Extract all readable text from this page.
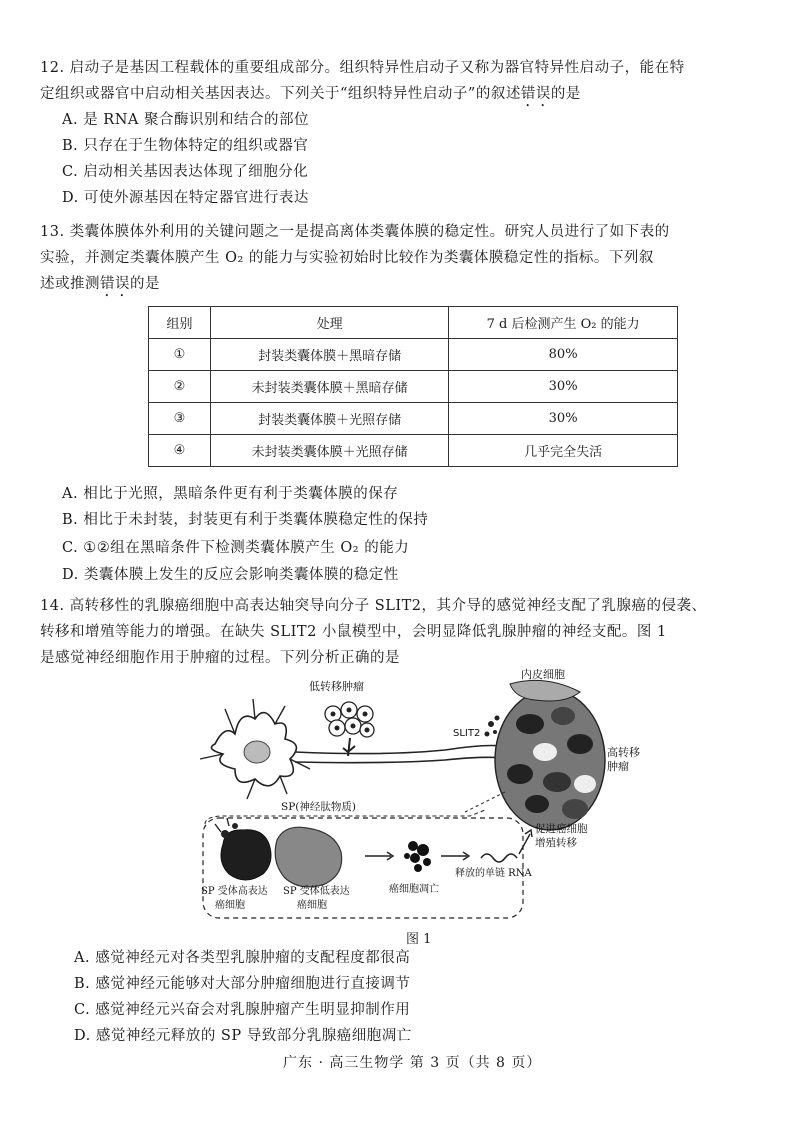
12. 启动子是基因工程载体的重要组成部分。组织特异性启动子又称为器官特异性启动子，能在特
定组织或器官中启动相关基因表达。下列关于“组织特异性启动子”的叙述错误的是
A. 是 RNA 聚合酶识别和结合的部位
B. 只存在于生物体特定的组织或器官
C. 启动相关基因表达体现了细胞分化
D. 可使外源基因在特定器官进行表达
13. 类囊体膜体外利用的关键问题之一是提高离体类囊体膜的稳定性。研究人员进行了如下表的
实验，并测定类囊体膜产生 O₂ 的能力与实验初始时比较作为类囊体膜稳定性的指标。下列叙
述或推测错误的是
组别	处理	7 d 后检测产生 O₂ 的能力
①	封装类囊体膜＋黑暗存储	80%
②	未封装类囊体膜＋黑暗存储	30%
③	封装类囊体膜＋光照存储	30%
④	未封装类囊体膜＋光照存储	几乎完全失活
A. 相比于光照，黑暗条件更有利于类囊体膜的保存
B. 相比于未封装，封装更有利于类囊体膜稳定性的保持
C. ①②组在黑暗条件下检测类囊体膜产生 O₂ 的能力
D. 类囊体膜上发生的反应会影响类囊体膜的稳定性
14. 高转移性的乳腺癌细胞中高表达轴突导向分子 SLIT2，其介导的感觉神经支配了乳腺癌的侵袭、
转移和增殖等能力的增强。在缺失 SLIT2 小鼠模型中，会明显降低乳腺肿瘤的神经支配。图 1
是感觉神经细胞作用于肿瘤的过程。下列分析正确的是
低转移肿瘤
内皮细胞
SLIT2
高转移
肿瘤
SP(神经肽物质)
促进癌细胞
增殖转移
SP 受体高表达
癌细胞
SP 受体低表达
癌细胞
癌细胞凋亡
释放的单链 RNA
图 1
A. 感觉神经元对各类型乳腺肿瘤的支配程度都很高
B. 感觉神经元能够对大部分肿瘤细胞进行直接调节
C. 感觉神经元兴奋会对乳腺肿瘤产生明显抑制作用
D. 感觉神经元释放的 SP 导致部分乳腺癌细胞凋亡
广东 · 高三生物学 第 3 页（共 8 页）
